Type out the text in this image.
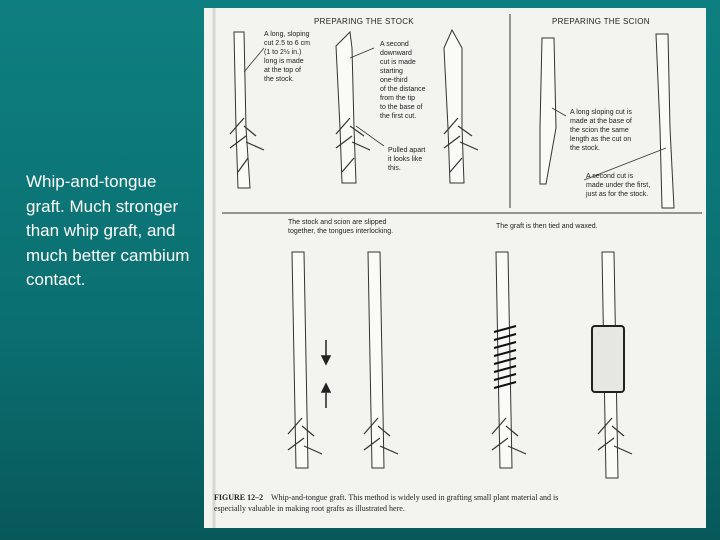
Whip-and-tongue graft. Much stronger than whip graft, and much better cambium contact.
PREPARING THE STOCK	PREPARING THE SCION
A long, sloping cut 2.5 to 6 cm (1 to 2½ in.) long is made at the top of the stock.
A second downward cut is made starting one-third of the distance from the tip to the base of the first cut.
Pulled apart it looks like this.
A long sloping cut is made at the base of the scion the same length as the cut on the stock.
A second cut is made under the first, just as for the stock.
The stock and scion are slipped together, the tongues interlocking.
The graft is then tied and waxed.
FIGURE 12–2 Whip-and-tongue graft. This method is widely used in grafting small plant material and is
especially valuable in making root grafts as illustrated here.
